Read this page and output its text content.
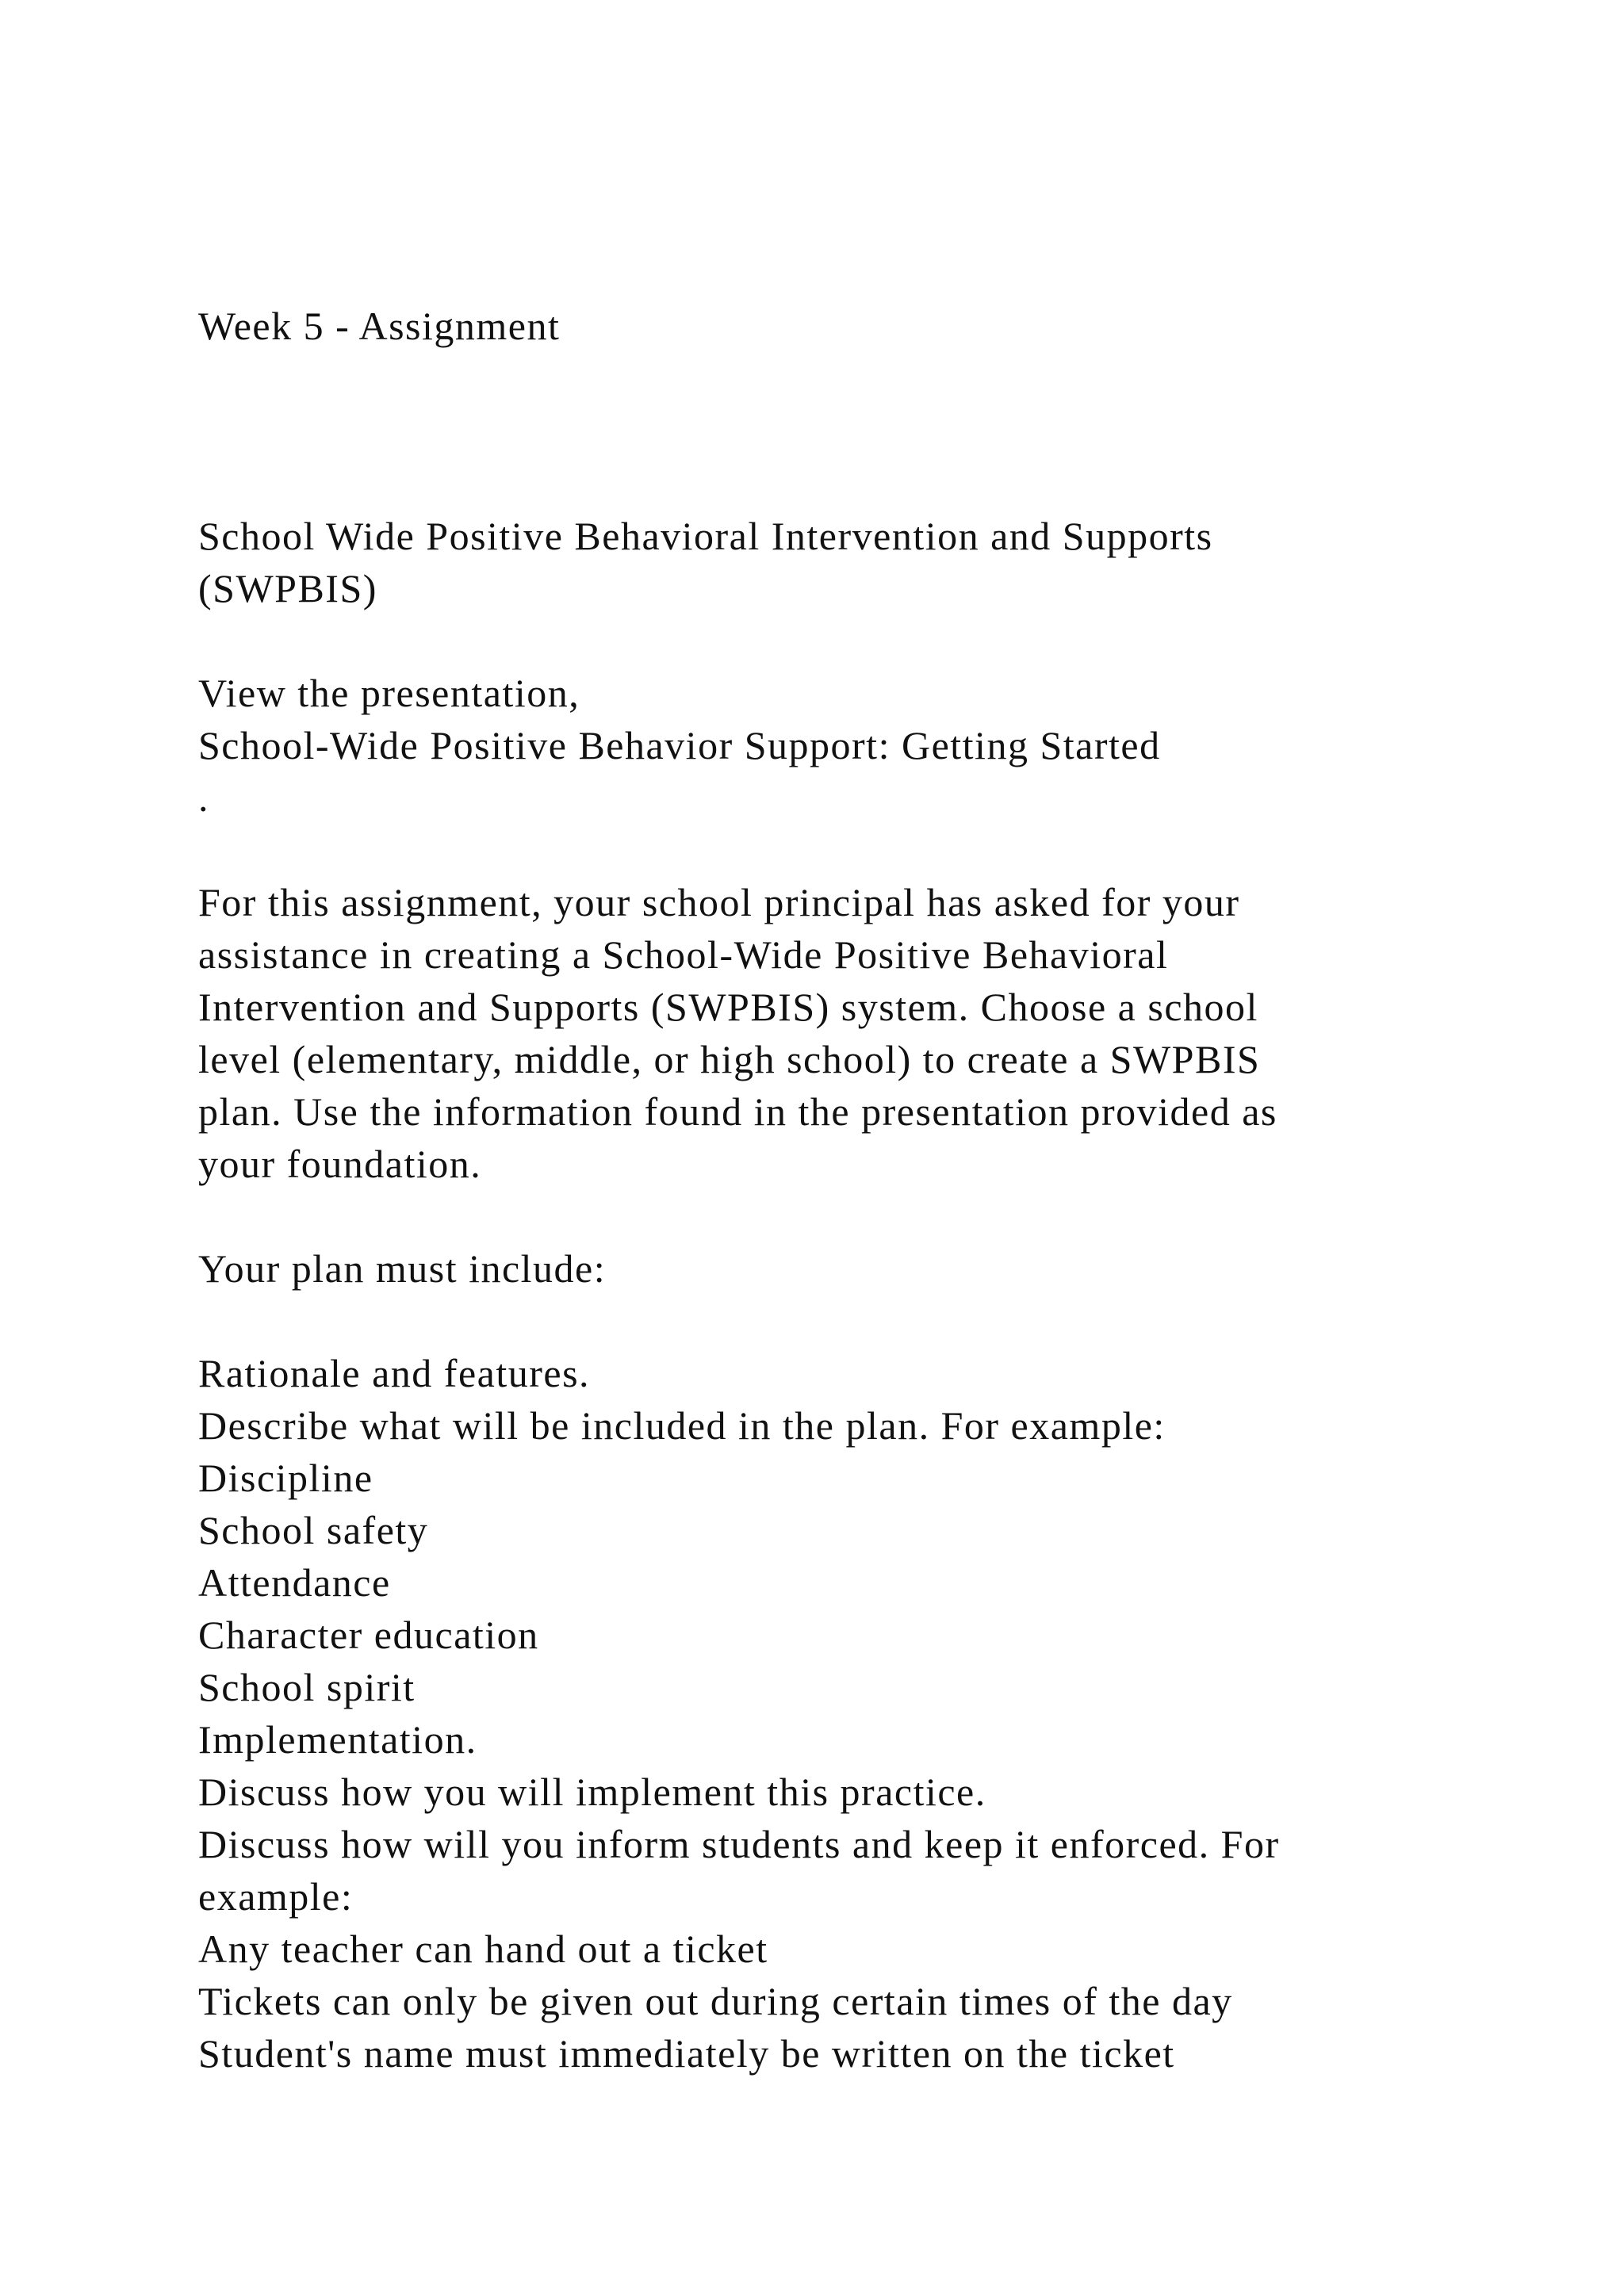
Week 5 - Assignment
School Wide Positive Behavioral Intervention and Supports
(SWPBIS)
View the presentation,
School-Wide Positive Behavior Support: Getting Started
.
For this assignment, your school principal has asked for your
assistance in creating a School-Wide Positive Behavioral
Intervention and Supports (SWPBIS) system. Choose a school
level (elementary, middle, or high school) to create a SWPBIS
plan. Use the information found in the presentation provided as
your foundation.
Your plan must include:
Rationale and features.
Describe what will be included in the plan. For example:
Discipline
School safety
Attendance
Character education
School spirit
Implementation.
Discuss how you will implement this practice.
Discuss how will you inform students and keep it enforced. For
example:
Any teacher can hand out a ticket
Tickets can only be given out during certain times of the day
Student's name must immediately be written on the ticket
